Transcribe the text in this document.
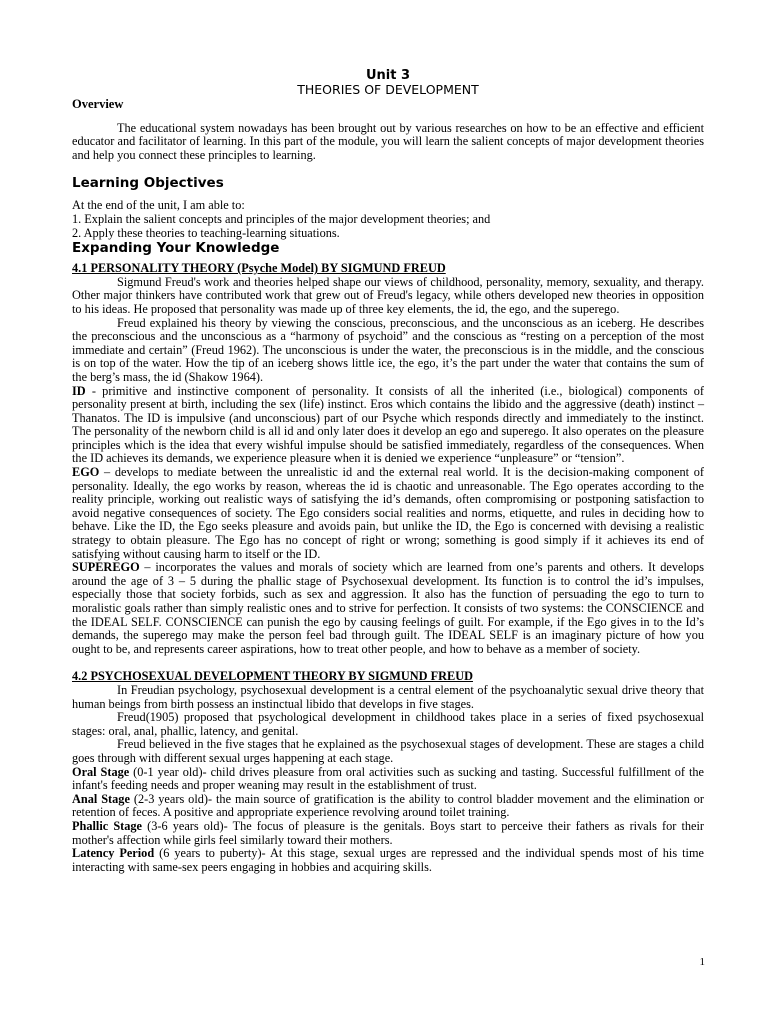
Unit 3
THEORIES OF DEVELOPMENT
Overview

The educational system nowadays has been brought out by various researches on how to be an effective and efficient educator and facilitator of learning. In this part of the module, you will learn the salient concepts of major development theories and help you connect these principles to learning.

Learning Objectives

At the end of the unit, I am able to:

1. Explain the salient concepts and principles of the major development theories; and

2. Apply these theories to teaching-learning situations.

Expanding Your Knowledge
4.1 PERSONALITY THEORY (Psyche Model) BY SIGMUND FREUD

Sigmund Freud's work and theories helped shape our views of childhood, personality, memory, sexuality, and therapy. Other major thinkers have contributed work that grew out of Freud's legacy, while others developed new theories in opposition to his ideas. He proposed that personality was made up of three key elements, the id, the ego, and the superego.

Freud explained his theory by viewing the conscious, preconscious, and the unconscious as an iceberg. He describes the preconscious and the unconscious as a “harmony of psychoid” and the conscious as “resting on a perception of the most immediate and certain” (Freud 1962). The unconscious is under the water, the preconscious is in the middle, and the conscious is on top of the water. How the tip of an iceberg shows little ice, the ego, it’s the part under the water that contains the sum of the berg’s mass, the id (Shakow 1964).

ID - primitive and instinctive component of personality. It consists of all the inherited (i.e., biological) components of personality present at birth, including the sex (life) instinct. Eros which contains the libido and the aggressive (death) instinct – Thanatos. The ID is impulsive (and unconscious) part of our Psyche which responds directly and immediately to the instinct. The personality of the newborn child is all id and only later does it develop an ego and superego. It also operates on the pleasure principles which is the idea that every wishful impulse should be satisfied immediately, regardless of the consequences. When the ID achieves its demands, we experience pleasure when it is denied we experience “unpleasure” or “tension”.

EGO – develops to mediate between the unrealistic id and the external real world. It is the decision-making component of personality. Ideally, the ego works by reason, whereas the id is chaotic and unreasonable. The Ego operates according to the reality principle, working out realistic ways of satisfying the id’s demands, often compromising or postponing satisfaction to avoid negative consequences of society. The Ego considers social realities and norms, etiquette, and rules in deciding how to behave. Like the ID, the Ego seeks pleasure and avoids pain, but unlike the ID, the Ego is concerned with devising a realistic strategy to obtain pleasure. The Ego has no concept of right or wrong; something is good simply if it achieves its end of satisfying without causing harm to itself or the ID.

SUPEREGO – incorporates the values and morals of society which are learned from one’s parents and others. It develops around the age of 3 – 5 during the phallic stage of Psychosexual development. Its function is to control the id’s impulses, especially those that society forbids, such as sex and aggression. It also has the function of persuading the ego to turn to moralistic goals rather than simply realistic ones and to strive for perfection. It consists of two systems: the CONSCIENCE and the IDEAL SELF. CONSCIENCE can punish the ego by causing feelings of guilt. For example, if the Ego gives in to the Id’s demands, the superego may make the person feel bad through guilt. The IDEAL SELF is an imaginary picture of how you ought to be, and represents career aspirations, how to treat other people, and how to behave as a member of society.

4.2 PSYCHOSEXUAL DEVELOPMENT THEORY BY SIGMUND FREUD

In Freudian psychology, psychosexual development is a central element of the psychoanalytic sexual drive theory that human beings from birth possess an instinctual libido that develops in five stages.

Freud(1905) proposed that psychological development in childhood takes place in a series of fixed psychosexual stages: oral, anal, phallic, latency, and genital.

Freud believed in the five stages that he explained as the psychosexual stages of development. These are stages a child goes through with different sexual urges happening at each stage.

Oral Stage (0-1 year old)- child drives pleasure from oral activities such as sucking and tasting. Successful fulfillment of the infant's feeding needs and proper weaning may result in the establishment of trust.

Anal Stage (2-3 years old)- the main source of gratification is the ability to control bladder movement and the elimination or retention of feces. A positive and appropriate experience revolving around toilet training.

Phallic Stage (3-6 years old)- The focus of pleasure is the genitals. Boys start to perceive their fathers as rivals for their mother's affection while girls feel similarly toward their mothers.

Latency Period (6 years to puberty)- At this stage, sexual urges are repressed and the individual spends most of his time interacting with same-sex peers engaging in hobbies and acquiring skills.

1
